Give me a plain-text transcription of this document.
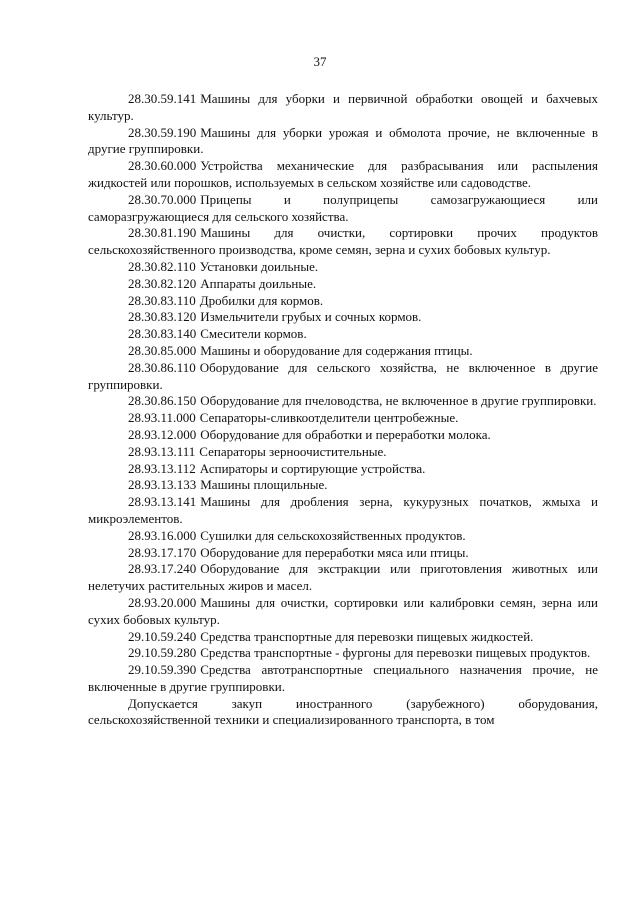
37

28.30.59.141 Машины для уборки и первичной обработки овощей и бахчевых культур.

28.30.59.190 Машины для уборки урожая и обмолота прочие, не включенные в другие группировки.

28.30.60.000 Устройства механические для разбрасывания или распыления жидкостей или порошков, используемых в сельском хозяйстве или садоводстве.

28.30.70.000 Прицепы и полуприцепы самозагружающиеся или саморазгружающиеся для сельского хозяйства.

28.30.81.190 Машины для очистки, сортировки прочих продуктов сельскохозяйственного производства, кроме семян, зерна и сухих бобовых культур.

28.30.82.110 Установки доильные.

28.30.82.120 Аппараты доильные.

28.30.83.110 Дробилки для кормов.

28.30.83.120 Измельчители грубых и сочных кормов.

28.30.83.140 Смесители кормов.

28.30.85.000 Машины и оборудование для содержания птицы.

28.30.86.110 Оборудование для сельского хозяйства, не включенное в другие группировки.

28.30.86.150 Оборудование для пчеловодства, не включенное в другие группировки.

28.93.11.000 Сепараторы-сливкоотделители центробежные.

28.93.12.000 Оборудование для обработки и переработки молока.

28.93.13.111 Сепараторы зерноочистительные.

28.93.13.112 Аспираторы и сортирующие устройства.

28.93.13.133 Машины площильные.

28.93.13.141 Машины для дробления зерна, кукурузных початков, жмыха и микроэлементов.

28.93.16.000 Сушилки для сельскохозяйственных продуктов.

28.93.17.170 Оборудование для переработки мяса или птицы.

28.93.17.240 Оборудование для экстракции или приготовления животных или нелетучих растительных жиров и масел.

28.93.20.000 Машины для очистки, сортировки или калибровки семян, зерна или сухих бобовых культур.

29.10.59.240 Средства транспортные для перевозки пищевых жидкостей.

29.10.59.280 Средства транспортные - фургоны для перевозки пищевых продуктов.

29.10.59.390 Средства автотранспортные специального назначения прочие, не включенные в другие группировки.

Допускается закуп иностранного (зарубежного) оборудования, сельскохозяйственной техники и специализированного транспорта, в том
